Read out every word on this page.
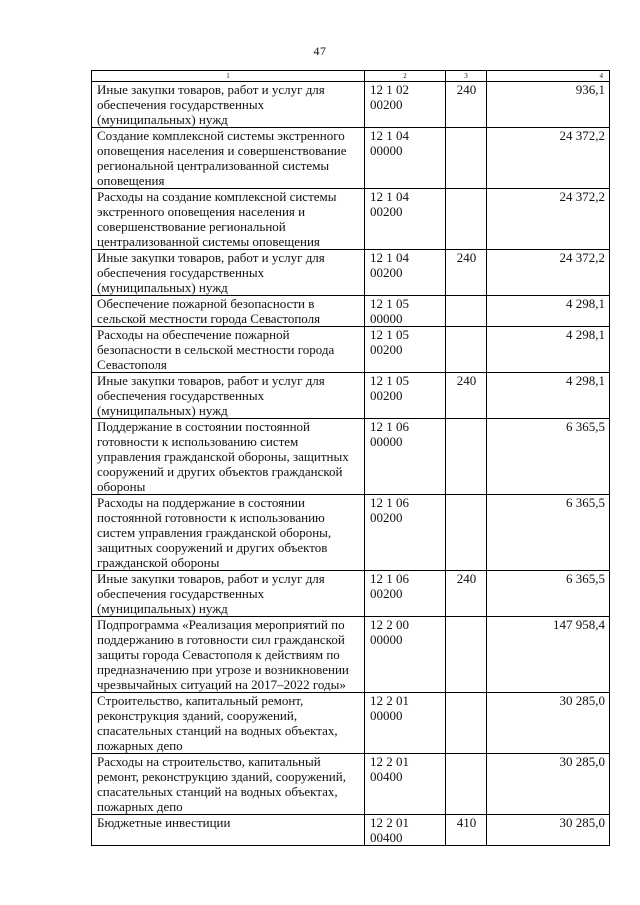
47
1	2	3	4
Иные закупки товаров, работ и услуг для обеспечения государственных (муниципальных) нужд	12 1 02 00200	240	936,1
Создание комплексной системы экстренного оповещения населения и совершенствование региональной централизованной системы оповещения	12 1 04 00000		24 372,2
Расходы на создание комплексной системы экстренного оповещения населения и совершенствование региональной централизованной системы оповещения	12 1 04 00200		24 372,2
Иные закупки товаров, работ и услуг для обеспечения государственных (муниципальных) нужд	12 1 04 00200	240	24 372,2
Обеспечение пожарной безопасности в сельской местности города Севастополя	12 1 05 00000		4 298,1
Расходы на обеспечение пожарной безопасности в сельской местности города Севастополя	12 1 05 00200		4 298,1
Иные закупки товаров, работ и услуг для обеспечения государственных (муниципальных) нужд	12 1 05 00200	240	4 298,1
Поддержание в состоянии постоянной готовности к использованию систем управления гражданской обороны, защитных сооружений и других объектов гражданской обороны	12 1 06 00000		6 365,5
Расходы на поддержание в состоянии постоянной готовности к использованию систем управления гражданской обороны, защитных сооружений и других объектов гражданской обороны	12 1 06 00200		6 365,5
Иные закупки товаров, работ и услуг для обеспечения государственных (муниципальных) нужд	12 1 06 00200	240	6 365,5
Подпрограмма «Реализация мероприятий по поддержанию в готовности сил гражданской защиты города Севастополя к действиям по предназначению при угрозе и возникновении чрезвычайных ситуаций на 2017–2022 годы»	12 2 00 00000		147 958,4
Строительство, капитальный ремонт, реконструкция зданий, сооружений, спасательных станций на водных объектах, пожарных депо	12 2 01 00000		30 285,0
Расходы на строительство, капитальный ремонт, реконструкцию зданий, сооружений, спасательных станций на водных объектах, пожарных депо	12 2 01 00400		30 285,0
Бюджетные инвестиции	12 2 01 00400	410	30 285,0
